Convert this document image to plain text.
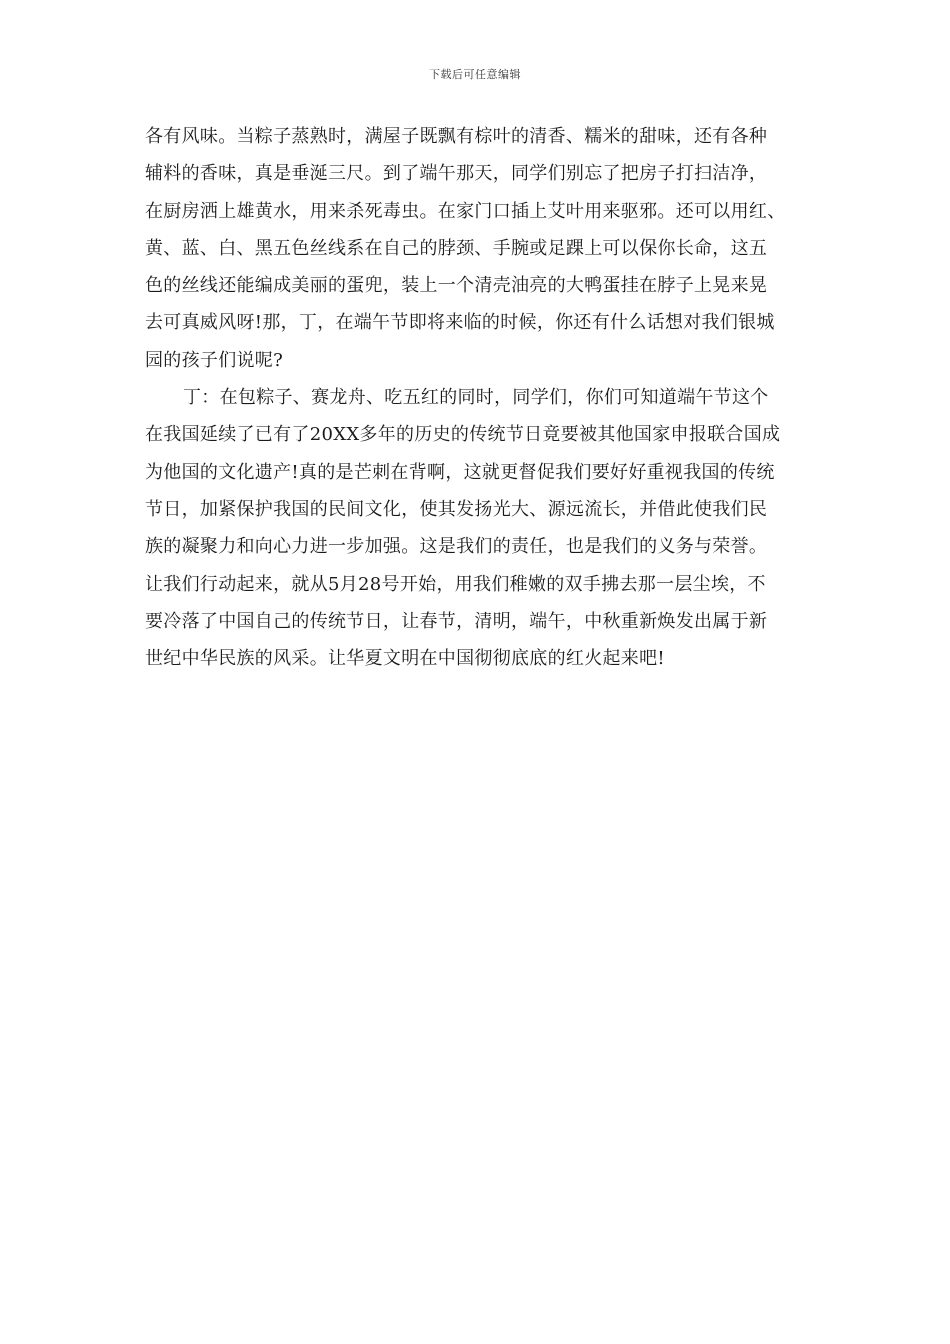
下载后可任意编辑
各有风味。当粽子蒸熟时，满屋子既飘有棕叶的清香、糯米的甜味，还有各种
辅料的香味，真是垂涎三尺。到了端午那天，同学们别忘了把房子打扫洁净，
在厨房洒上雄黄水，用来杀死毒虫。在家门口插上艾叶用来驱邪。还可以用红、
黄、蓝、白、黑五色丝线系在自己的脖颈、手腕或足踝上可以保你长命，这五
色的丝线还能编成美丽的蛋兜，装上一个清壳油亮的大鸭蛋挂在脖子上晃来晃
去可真威风呀!那，丁，在端午节即将来临的时候，你还有什么话想对我们银城
园的孩子们说呢?
丁：在包粽子、赛龙舟、吃五红的同时，同学们，你们可知道端午节这个
在我国延续了已有了20XX多年的历史的传统节日竟要被其他国家申报联合国成
为他国的文化遗产!真的是芒刺在背啊，这就更督促我们要好好重视我国的传统
节日，加紧保护我国的民间文化，使其发扬光大、源远流长，并借此使我们民
族的凝聚力和向心力进一步加强。这是我们的责任，也是我们的义务与荣誉。
让我们行动起来，就从5月28号开始，用我们稚嫩的双手拂去那一层尘埃，不
要冷落了中国自己的传统节日，让春节，清明，端午，中秋重新焕发出属于新
世纪中华民族的风采。让华夏文明在中国彻彻底底的红火起来吧!
